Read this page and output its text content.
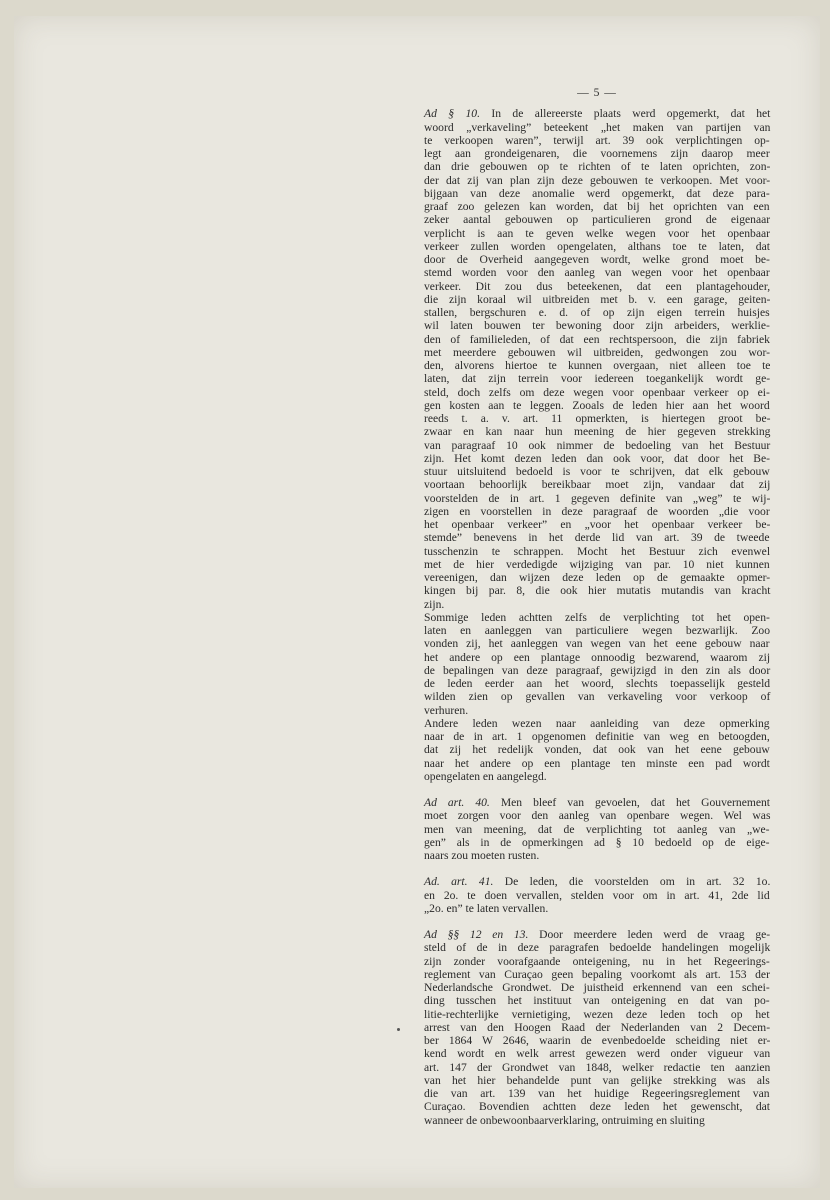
— 5 —

Ad § 10. In de allereerste plaats werd opgemerkt, dat het
woord „verkaveling” beteekent „het maken van partijen van
te verkoopen waren”, terwijl art. 39 ook verplichtingen op-
legt aan grondeigenaren, die voornemens zijn daarop meer
dan drie gebouwen op te richten of te laten oprichten, zon-
der dat zij van plan zijn deze gebouwen te verkoopen. Met voor-
bijgaan van deze anomalie werd opgemerkt, dat deze para-
graaf zoo gelezen kan worden, dat bij het oprichten van een
zeker aantal gebouwen op particulieren grond de eigenaar
verplicht is aan te geven welke wegen voor het openbaar
verkeer zullen worden opengelaten, althans toe te laten, dat
door de Overheid aangegeven wordt, welke grond moet be-
stemd worden voor den aanleg van wegen voor het openbaar
verkeer. Dit zou dus beteekenen, dat een plantagehouder,
die zijn koraal wil uitbreiden met b. v. een garage, geiten-
stallen, bergschuren e. d. of op zijn eigen terrein huisjes
wil laten bouwen ter bewoning door zijn arbeiders, werklie-
den of familieleden, of dat een rechtspersoon, die zijn fabriek
met meerdere gebouwen wil uitbreiden, gedwongen zou wor-
den, alvorens hiertoe te kunnen overgaan, niet alleen toe te
laten, dat zijn terrein voor iedereen toegankelijk wordt ge-
steld, doch zelfs om deze wegen voor openbaar verkeer op ei-
gen kosten aan te leggen. Zooals de leden hier aan het woord
reeds t. a. v. art. 11 opmerkten, is hiertegen groot be-
zwaar en kan naar hun meening de hier gegeven strekking
van paragraaf 10 ook nimmer de bedoeling van het Bestuur
zijn. Het komt dezen leden dan ook voor, dat door het Be-
stuur uitsluitend bedoeld is voor te schrijven, dat elk gebouw
voortaan behoorlijk bereikbaar moet zijn, vandaar dat zij
voorstelden de in art. 1 gegeven definite van „weg” te wij-
zigen en voorstellen in deze paragraaf de woorden „die voor
het openbaar verkeer” en „voor het openbaar verkeer be-
stemde” benevens in het derde lid van art. 39 de tweede
tusschenzin te schrappen. Mocht het Bestuur zich evenwel
met de hier verdedigde wijziging van par. 10 niet kunnen
vereenigen, dan wijzen deze leden op de gemaakte opmer-
kingen bij par. 8, die ook hier mutatis mutandis van kracht
zijn.

Sommige leden achtten zelfs de verplichting tot het open-
laten en aanleggen van particuliere wegen bezwarlijk. Zoo
vonden zij, het aanleggen van wegen van het eene gebouw naar
het andere op een plantage onnoodig bezwarend, waarom zij
de bepalingen van deze paragraaf, gewijzigd in den zin als door
de leden eerder aan het woord, slechts toepasselijk gesteld
wilden zien op gevallen van verkaveling voor verkoop of
verhuren.

Andere leden wezen naar aanleiding van deze opmerking
naar de in art. 1 opgenomen definitie van weg en betoogden,
dat zij het redelijk vonden, dat ook van het eene gebouw
naar het andere op een plantage ten minste een pad wordt
opengelaten en aangelegd.

Ad art. 40. Men bleef van gevoelen, dat het Gouvernement
moet zorgen voor den aanleg van openbare wegen. Wel was
men van meening, dat de verplichting tot aanleg van „we-
gen” als in de opmerkingen ad § 10 bedoeld op de eige-
naars zou moeten rusten.

Ad. art. 41. De leden, die voorstelden om in art. 32 1o.
en 2o. te doen vervallen, stelden voor om in art. 41, 2de lid
„2o. en” te laten vervallen.

Ad §§ 12 en 13. Door meerdere leden werd de vraag ge-
steld of de in deze paragrafen bedoelde handelingen mogelijk
zijn zonder voorafgaande onteigening, nu in het Regeerings-
reglement van Curaçao geen bepaling voorkomt als art. 153 der
Nederlandsche Grondwet. De juistheid erkennend van een schei-
ding tusschen het instituut van onteigening en dat van po-
litie-rechterlijke vernietiging, wezen deze leden toch op het
arrest van den Hoogen Raad der Nederlanden van 2 Decem-
ber 1864 W 2646, waarin de evenbedoelde scheiding niet er-
kend wordt en welk arrest gewezen werd onder vigueur van
art. 147 der Grondwet van 1848, welker redactie ten aanzien
van het hier behandelde punt van gelijke strekking was als
die van art. 139 van het huidige Regeeringsreglement van
Curaçao. Bovendien achtten deze leden het gewenscht, dat
wanneer de onbewoonbaarverklaring, ontruiming en sluiting
